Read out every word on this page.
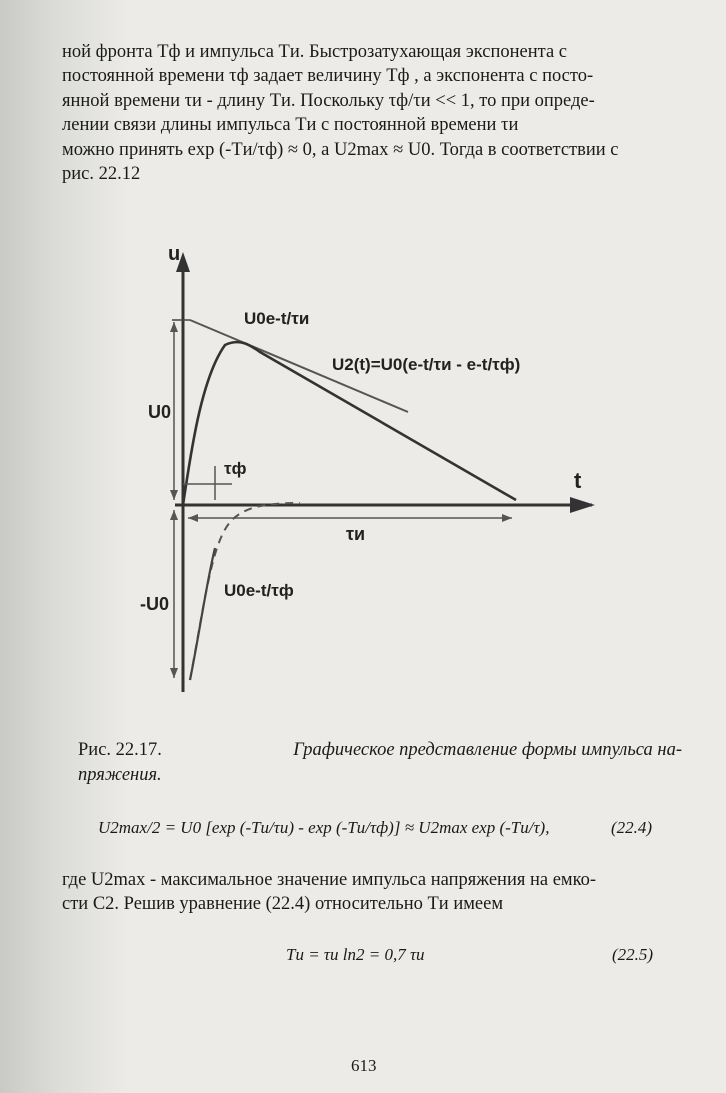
ной фронта Tф и импульса Tи. Быстрозатухающая экспонента с
постоянной времени τф задает величину Tф , а экспонента с посто-
янной времени τи - длину Tи. Поскольку τф/τи << 1, то при опреде-
лении связи длины импульса Tи с постоянной времени τи
можно принять exp (-Tи/τф) ≈ 0, а U2max ≈ U0. Тогда в соответствии с
рис. 22.12
u
t
U0e-t/τи
U2(t)=U0(e-t/τи - e-t/τф)
U0
τф
τи
U0e-t/τф
-U0
Рис. 22.17.	Графическое представление формы импульса на-
пряжения.
U2max/2 = U0 [exp (-Tи/τи) - exp (-Tи/τф)] ≈ U2max exp (-Tи/τ),	(22.4)
где U2max - максимальное значение импульса напряжения на емко-
сти C2. Решив уравнение (22.4) относительно Tи имеем
Tи = τи ln2 = 0,7 τи	(22.5)
613
